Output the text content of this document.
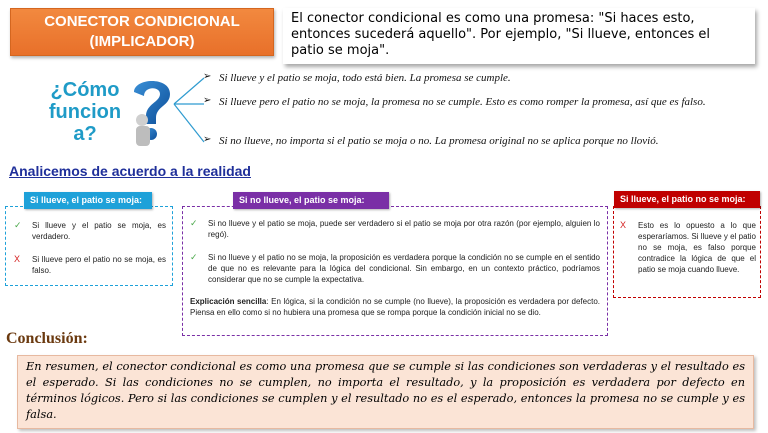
CONECTOR CONDICIONAL
(IMPLICADOR)
El conector condicional es como una promesa: "Si haces esto, entonces sucederá aquello". Por ejemplo, "Si llueve, entonces el patio se moja".
¿Cómo
funcion
a?
➢ Si llueve y el patio se moja, todo está bien. La promesa se cumple.
➢ Si llueve pero el patio no se moja, la promesa no se cumple. Esto es como romper la promesa, así que es falso.
➢ Si no llueve, no importa si el patio se moja o no. La promesa original no se aplica porque no llovió.
Analicemos de acuerdo a la realidad
Si llueve, el patio se moja:
✓ Si llueve y el patio se moja, es verdadero.
X Si llueve pero el patio no se moja, es falso.
Si no llueve, el patio se moja:
✓ Si no llueve y el patio se moja, puede ser verdadero si el patio se moja por otra razón (por ejemplo, alguien lo regó).
✓ Si no llueve y el patio no se moja, la proposición es verdadera porque la condición no se cumple en el sentido de que no es relevante para la lógica del condicional. Sin embargo, en un contexto práctico, podríamos considerar que no se cumple la expectativa.
Explicación sencilla: En lógica, si la condición no se cumple (no llueve), la proposición es verdadera por defecto. Piensa en ello como si no hubiera una promesa que se rompa porque la condición inicial no se dio.
Si llueve, el patio no se moja:
X Esto es lo opuesto a lo que esperaríamos. Si llueve y el patio no se moja, es falso porque contradice la lógica de que el patio se moja cuando llueve.
Conclusión:
En resumen, el conector condicional es como una promesa que se cumple si las condiciones son verdaderas y el resultado es el esperado. Si las condiciones no se cumplen, no importa el resultado, y la proposición es verdadera por defecto en términos lógicos. Pero si las condiciones se cumplen y el resultado no es el esperado, entonces la promesa no se cumple y es falsa.
